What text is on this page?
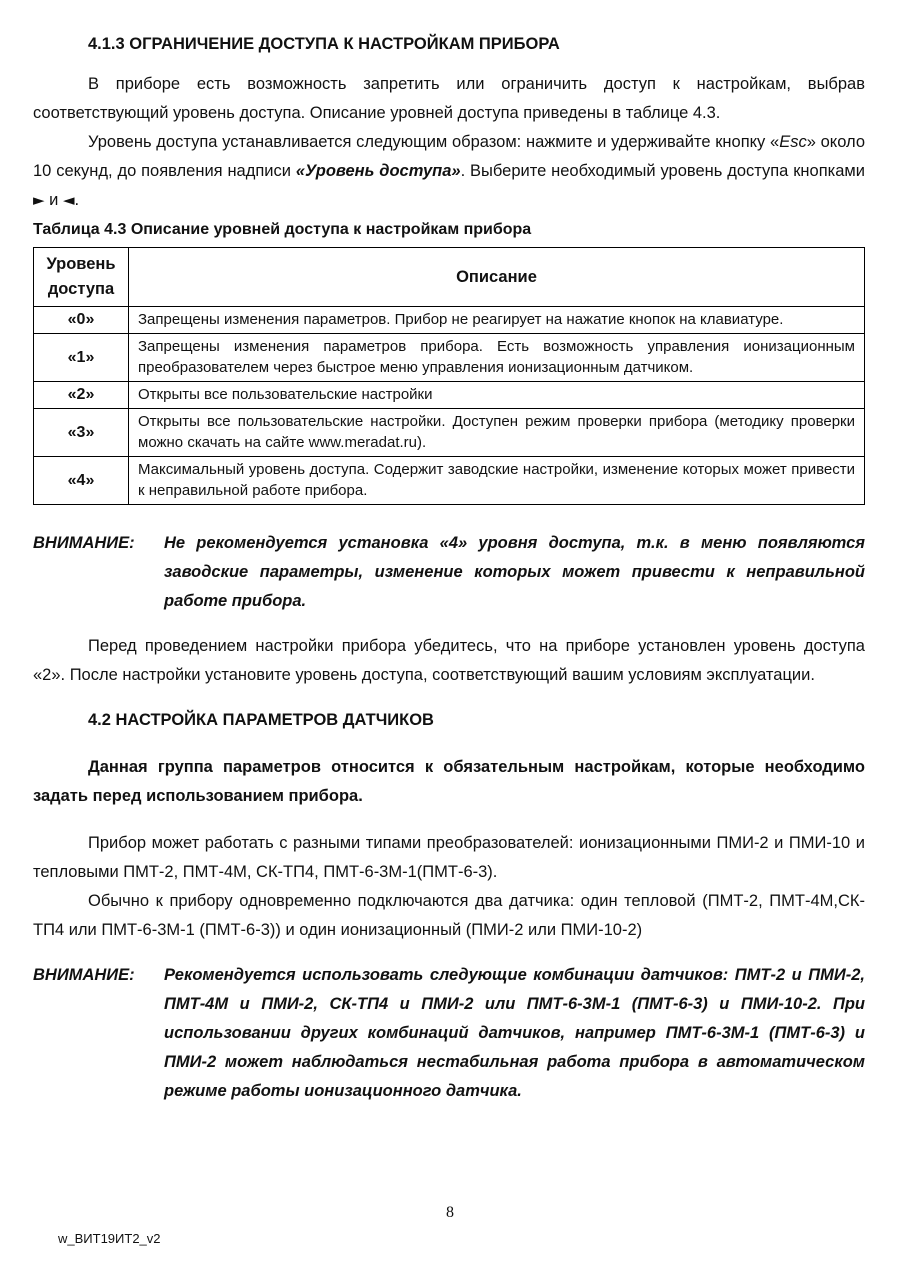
4.1.3 ОГРАНИЧЕНИЕ ДОСТУПА К НАСТРОЙКАМ ПРИБОРА

В приборе есть возможность запретить или ограничить доступ к настройкам, выбрав соответствующий уровень доступа. Описание уровней доступа приведены в таблице 4.3.

Уровень доступа устанавливается следующим образом: нажмите и удерживайте кнопку «Esc» около 10 секунд, до появления надписи «Уровень доступа». Выберите необходимый уровень доступа кнопками ► и ◄.

Таблица 4.3 Описание уровней доступа к настройкам прибора

Уровень доступа	Описание
«0»	Запрещены изменения параметров. Прибор не реагирует на нажатие кнопок на клавиатуре.
«1»	Запрещены изменения параметров прибора. Есть возможность управления ионизационным преобразователем через быстрое меню управления ионизационным датчиком.
«2»	Открыты все пользовательские настройки
«3»	Открыты все пользовательские настройки. Доступен режим проверки прибора (методику проверки можно скачать на сайте www.meradat.ru).
«4»	Максимальный уровень доступа. Содержит заводские настройки, изменение которых может привести к неправильной работе прибора.
ВНИМАНИЕ:	Не рекомендуется установка «4» уровня доступа, т.к. в меню появляются заводские параметры, изменение которых может привести к неправильной работе прибора.

Перед проведением настройки прибора убедитесь, что на приборе установлен уровень доступа «2». После настройки установите уровень доступа, соответствующий вашим условиям эксплуатации.

4.2 НАСТРОЙКА ПАРАМЕТРОВ ДАТЧИКОВ

Данная группа параметров относится к обязательным настройкам, которые необходимо задать перед использованием прибора.

Прибор может работать с разными типами преобразователей: ионизационными ПМИ-2 и ПМИ-10 и тепловыми ПМТ-2, ПМТ-4М, СК-ТП4, ПМТ-6-3М-1(ПМТ-6-3).

Обычно к прибору одновременно подключаются два датчика: один тепловой (ПМТ-2, ПМТ-4М,СК-ТП4 или ПМТ-6-3М-1 (ПМТ-6-3)) и один ионизационный (ПМИ-2 или ПМИ-10-2)

ВНИМАНИЕ:	Рекомендуется использовать следующие комбинации датчиков: ПМТ-2 и ПМИ-2, ПМТ-4М и ПМИ-2, СК-ТП4 и ПМИ-2 или ПМТ-6-3М-1 (ПМТ-6-3) и ПМИ-10-2. При использовании других комбинаций датчиков, например ПМТ-6-3М-1 (ПМТ-6-3) и ПМИ-2 может наблюдаться нестабильная работа прибора в автоматическом режиме работы ионизационного датчика.

8
w_ВИТ19ИТ2_v2
